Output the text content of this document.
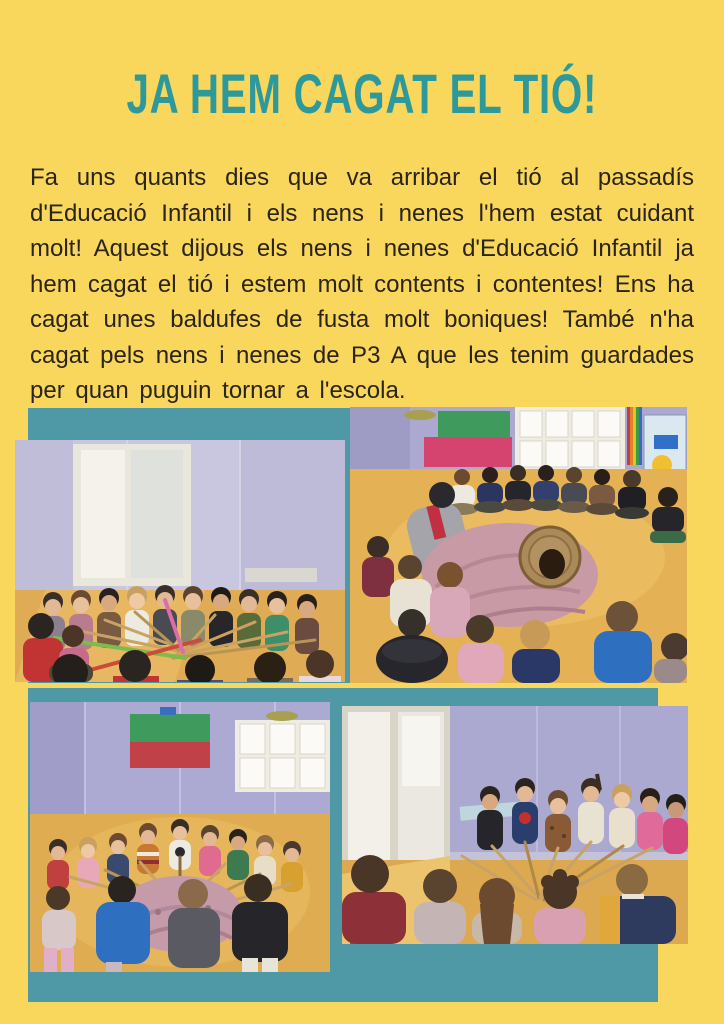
JA HEM CAGAT EL TIÓ!

Fa uns quants dies que va arribar el tió al passadís d'Educació Infantil i els nens i nenes l'hem estat cuidant molt! Aquest dijous els nens i nenes d'Educació Infantil ja hem cagat el tió i estem molt contents i contentes! Ens ha cagat unes baldufes de fusta molt boniques! També n'ha cagat pels nens i nenes de P3 A que les tenim guardades per quan puguin tornar a l'escola.
